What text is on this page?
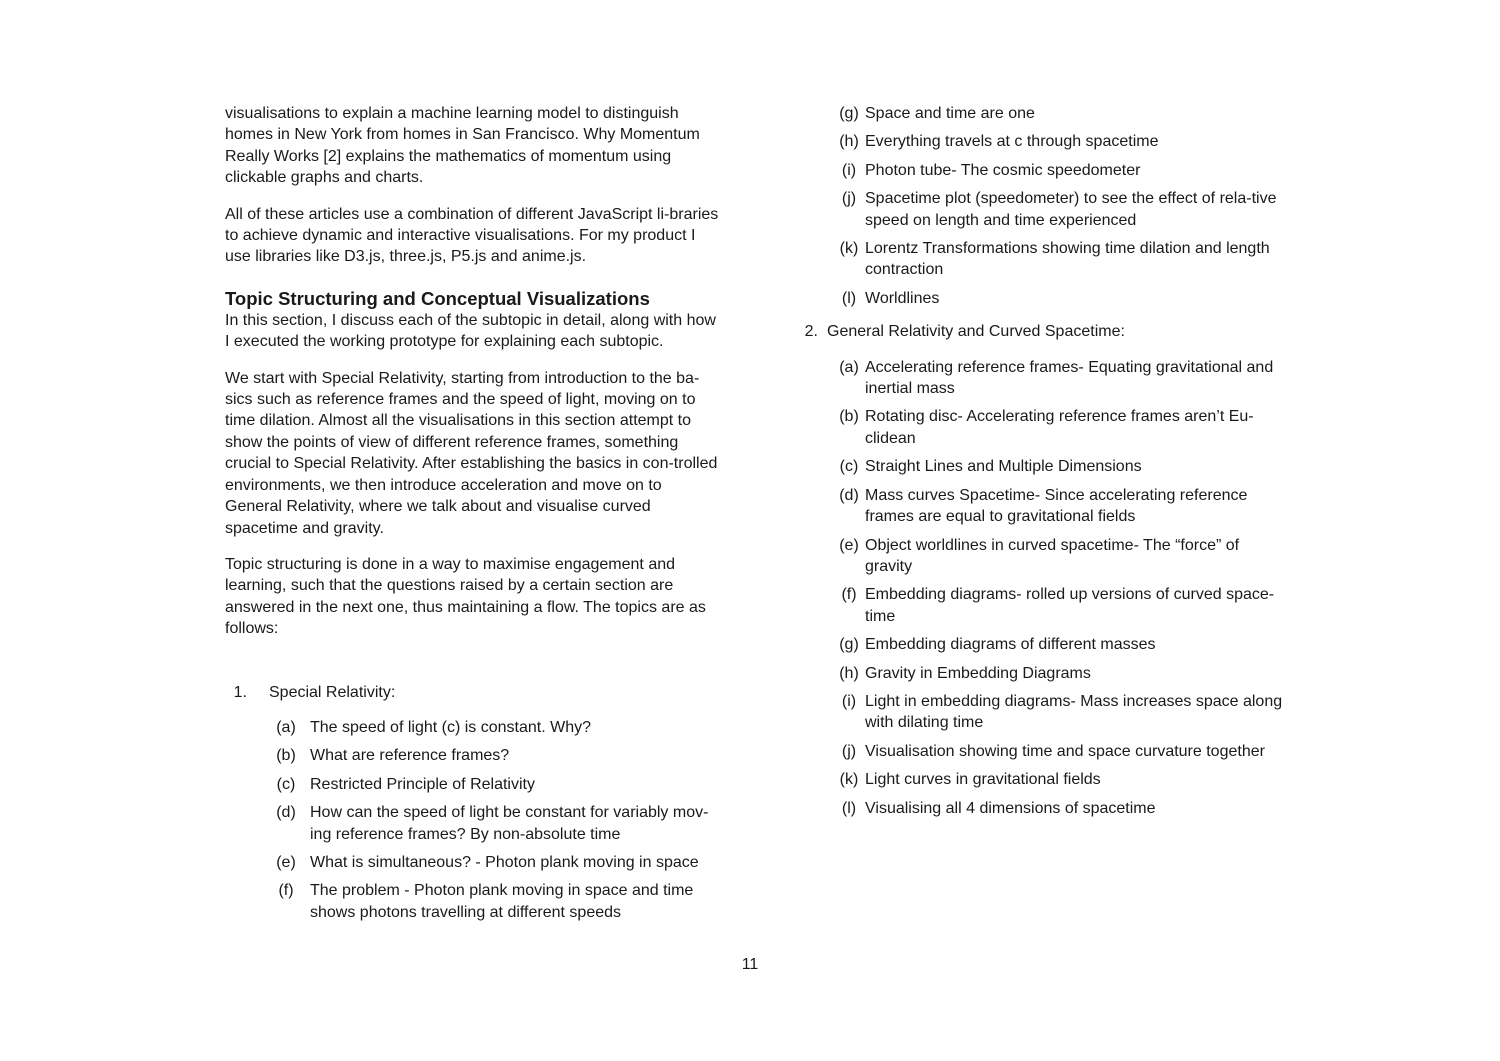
visualisations to explain a machine learning model to distinguish homes in New York from homes in San Francisco. Why Momentum Really Works [2] explains the mathematics of momentum using clickable graphs and charts.

All of these articles use a combination of different JavaScript li-braries to achieve dynamic and interactive visualisations. For my product I use libraries like D3.js, three.js, P5.js and anime.js.

Topic Structuring and Conceptual Visualizations

In this section, I discuss each of the subtopic in detail, along with how I executed the working prototype for explaining each subtopic.

We start with Special Relativity, starting from introduction to the ba-sics such as reference frames and the speed of light, moving on to time dilation. Almost all the visualisations in this section attempt to show the points of view of different reference frames, something crucial to Special Relativity. After establishing the basics in con-trolled environments, we then introduce acceleration and move on to General Relativity, where we talk about and visualise curved spacetime and gravity.

Topic structuring is done in a way to maximise engagement and learning, such that the questions raised by a certain section are answered in the next one, thus maintaining a flow. The topics are as follows:

1.	Special Relativity:
(a) The speed of light (c) is constant. Why?
(b) What are reference frames?
(c) Restricted Principle of Relativity
(d) How can the speed of light be constant for variably mov-ing reference frames? By non-absolute time
(e) What is simultaneous? - Photon plank moving in space
(f)	The problem - Photon plank moving in space and time shows photons travelling at different speeds
(g) Space and time are one
(h) Everything travels at c through spacetime
(i) Photon tube- The cosmic speedometer
(j) Spacetime plot (speedometer) to see the effect of rela-tive speed on length and time experienced
(k) Lorentz Transformations showing time dilation and length contraction
(l) Worldlines
2. General Relativity and Curved Spacetime:
(a) Accelerating reference frames- Equating gravitational and inertial mass
(b) Rotating disc- Accelerating reference frames aren’t Eu-clidean
(c) Straight Lines and Multiple Dimensions
(d) Mass curves Spacetime- Since accelerating reference frames are equal to gravitational fields
(e) Object worldlines in curved spacetime- The “force” of gravity
(f) Embedding diagrams- rolled up versions of curved space-time
(g) Embedding diagrams of different masses
(h) Gravity in Embedding Diagrams
(i) Light in embedding diagrams- Mass increases space along with dilating time
(j) Visualisation showing time and space curvature together
(k) Light curves in gravitational fields
(l) Visualising all 4 dimensions of spacetime
11
